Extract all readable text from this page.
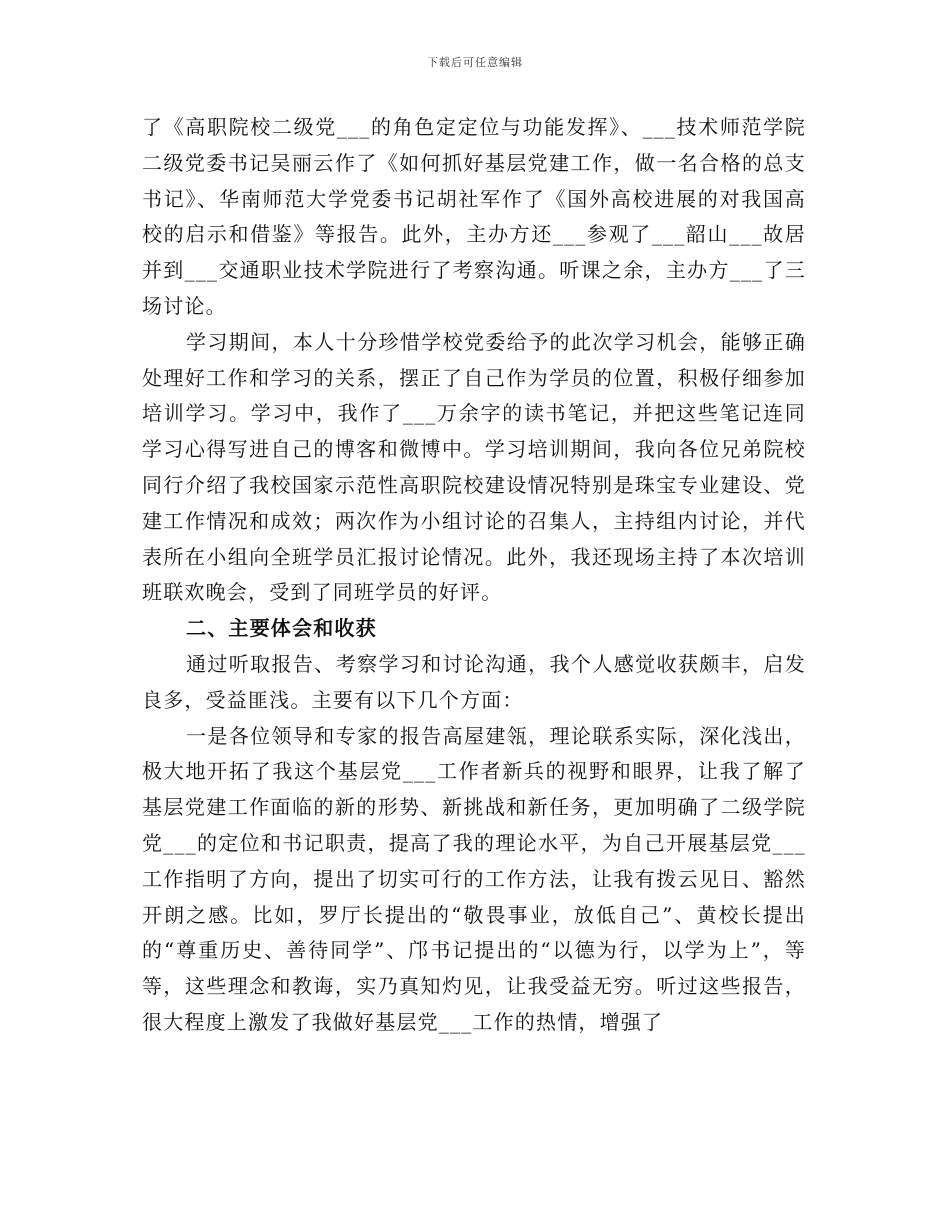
下载后可任意编辑

了《高职院校二级党___的角色定定位与功能发挥》、___技术师范学院二级党委书记吴丽云作了《如何抓好基层党建工作，做一名合格的总支书记》、华南师范大学党委书记胡社军作了《国外高校进展的对我国高校的启示和借鉴》等报告。此外，主办方还___参观了___韶山___故居并到___交通职业技术学院进行了考察沟通。听课之余，主办方___了三场讨论。

学习期间，本人十分珍惜学校党委给予的此次学习机会，能够正确处理好工作和学习的关系，摆正了自己作为学员的位置，积极仔细参加培训学习。学习中，我作了___万余字的读书笔记，并把这些笔记连同学习心得写进自己的博客和微博中。学习培训期间，我向各位兄弟院校同行介绍了我校国家示范性高职院校建设情况特别是珠宝专业建设、党建工作情况和成效；两次作为小组讨论的召集人，主持组内讨论，并代表所在小组向全班学员汇报讨论情况。此外，我还现场主持了本次培训班联欢晚会，受到了同班学员的好评。

二、主要体会和收获

通过听取报告、考察学习和讨论沟通，我个人感觉收获颇丰，启发良多，受益匪浅。主要有以下几个方面：

一是各位领导和专家的报告高屋建瓴，理论联系实际，深化浅出，极大地开拓了我这个基层党___工作者新兵的视野和眼界，让我了解了基层党建工作面临的新的形势、新挑战和新任务，更加明确了二级学院党___的定位和书记职责，提高了我的理论水平，为自己开展基层党___工作指明了方向，提出了切实可行的工作方法，让我有拨云见日、豁然开朗之感。比如，罗厅长提出的“敬畏事业，放低自己”、黄校长提出的“尊重历史、善待同学”、邝书记提出的“以德为行，以学为上”，等等，这些理念和教诲，实乃真知灼见，让我受益无穷。听过这些报告，很大程度上激发了我做好基层党___工作的热情，增强了
